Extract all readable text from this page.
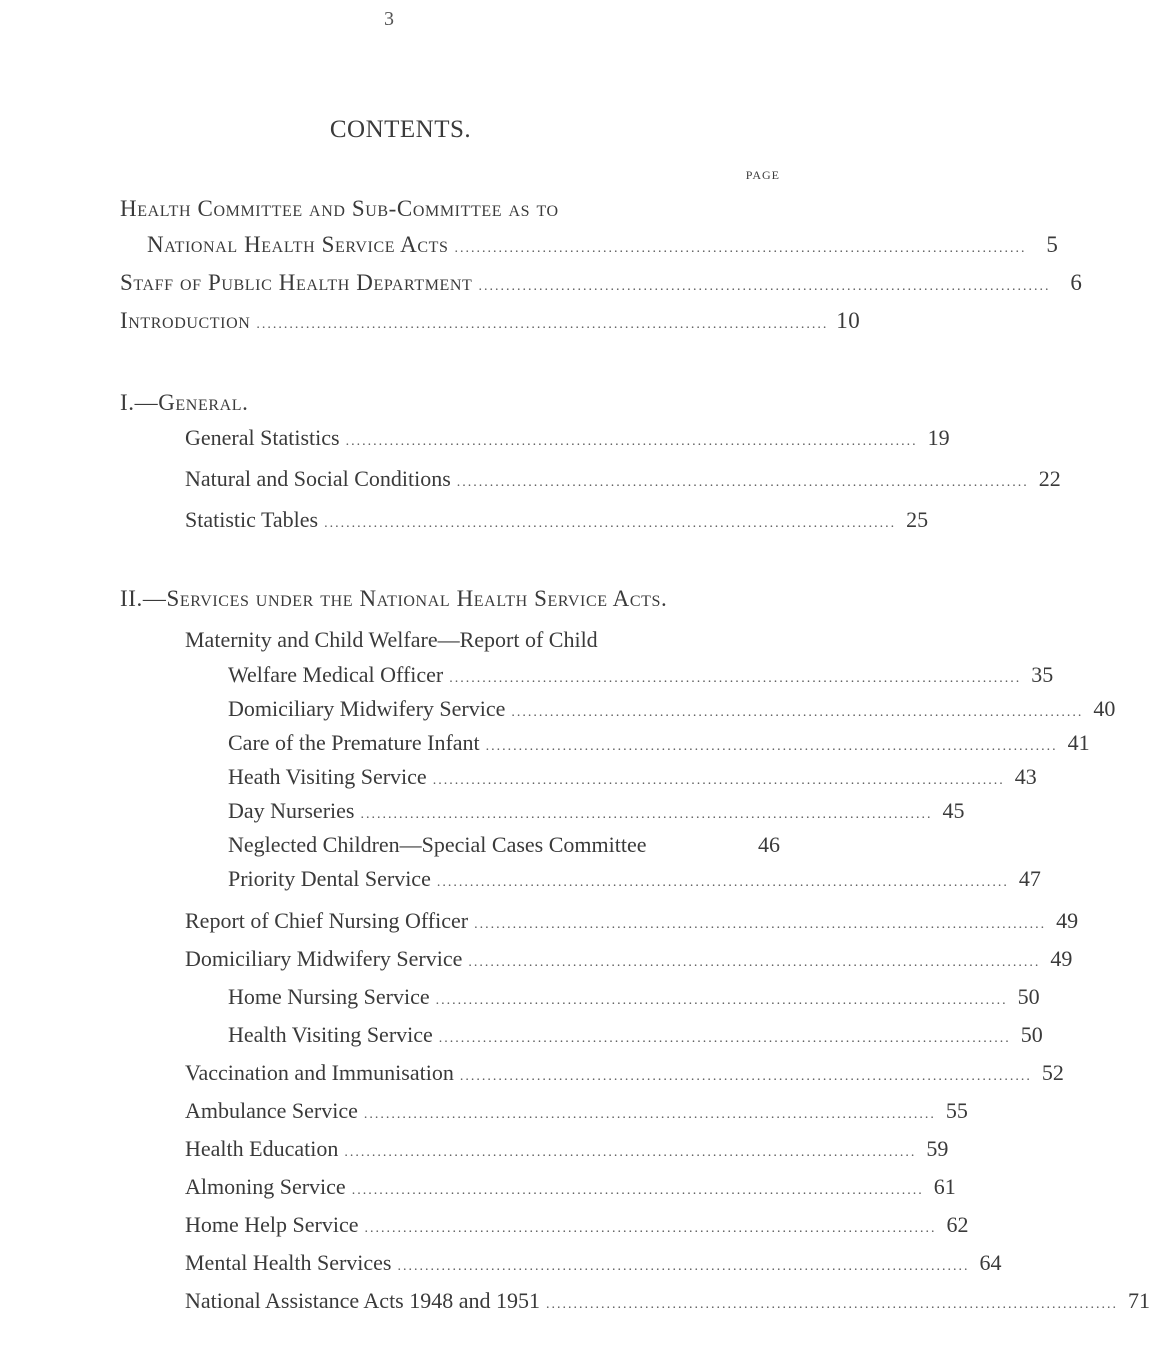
3
CONTENTS.
PAGE
Health Committee and Sub-Committee as to
National Health Service Acts ........................................................................................................ 5
Staff of Public Health Department ........................................................................................................ 6
Introduction ........................................................................................................ 10
I.—General.
General Statistics ........................................................................................................ 19
Natural and Social Conditions ........................................................................................................ 22
Statistic Tables ........................................................................................................ 25
II.—Services under the National Health Service Acts.
Maternity and Child Welfare—Report of Child
Welfare Medical Officer ........................................................................................................ 35
Domiciliary Midwifery Service ........................................................................................................ 40
Care of the Premature Infant ........................................................................................................ 41
Heath Visiting Service ........................................................................................................ 43
Day Nurseries ........................................................................................................ 45
Neglected Children—Special Cases Committee	46
Priority Dental Service ........................................................................................................ 47
Report of Chief Nursing Officer ........................................................................................................ 49
Domiciliary Midwifery Service ........................................................................................................ 49
Home Nursing Service ........................................................................................................ 50
Health Visiting Service ........................................................................................................ 50
Vaccination and Immunisation ........................................................................................................ 52
Ambulance Service ........................................................................................................ 55
Health Education ........................................................................................................ 59
Almoning Service ........................................................................................................ 61
Home Help Service ........................................................................................................ 62
Mental Health Services ........................................................................................................ 64
National Assistance Acts 1948 and 1951 ........................................................................................................ 71
